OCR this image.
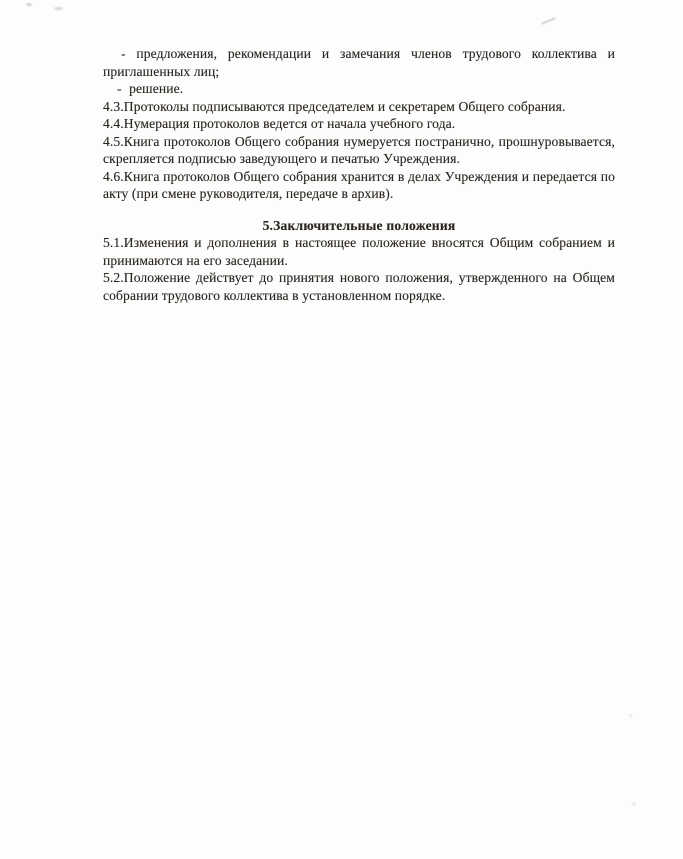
- предложения, рекомендации и замечания членов трудового коллектива и приглашенных лиц;

- решение.

4.3.Протоколы подписываются председателем и секретарем Общего собрания.

4.4.Нумерация протоколов ведется от начала учебного года.

4.5.Книга протоколов Общего собрания нумеруется постранично, прошнуровывается, скрепляется подписью заведующего и печатью Учреждения.

4.6.Книга протоколов Общего собрания хранится в делах Учреждения и передается по акту (при смене руководителя, передаче в архив).

5.Заключительные положения

5.1.Изменения и дополнения в настоящее положение вносятся Общим собранием и принимаются на его заседании.

5.2.Положение действует до принятия нового положения, утвержденного на Общем собрании трудового коллектива в установленном порядке.
